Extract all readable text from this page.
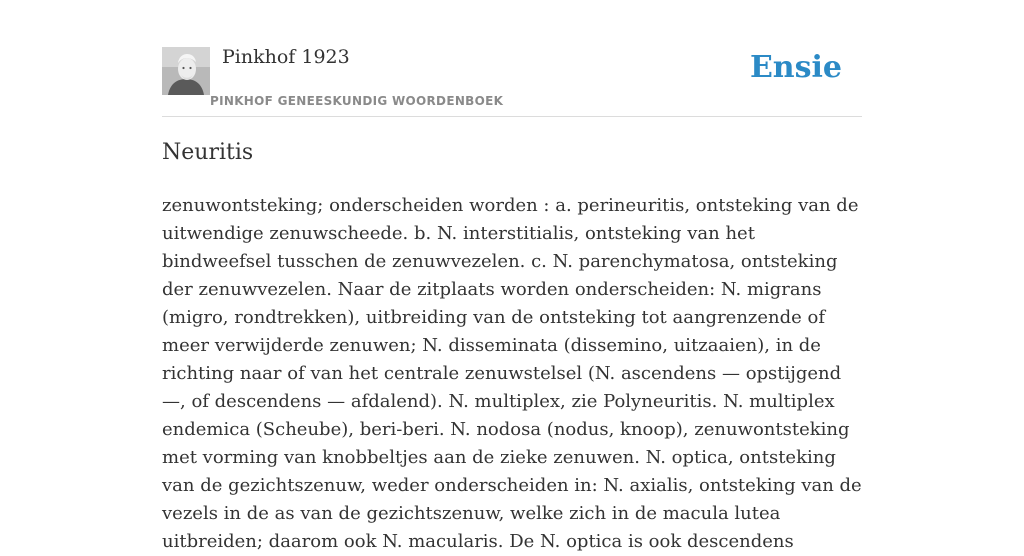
Pinkhof 1923
PINKHOF GENEESKUNDIG WOORDENBOEK
Ensie
Neuritis

zenuwontsteking; onderscheiden worden : a. perineuritis, ontsteking van de uitwendige zenuwscheede. b. N. interstitialis, ontsteking van het bindweefsel tusschen de zenuwvezelen. c. N. parenchymatosa, ontsteking der zenuwvezelen. Naar de zitplaats worden onderscheiden: N. migrans (migro, rondtrekken), uitbreiding van de ontsteking tot aangrenzende of meer verwijderde zenuwen; N. disseminata (dissemino, uitzaaien), in de richting naar of van het centrale zenuwstelsel (N. ascendens — opstijgend —, of descendens — afdalend). N. multiplex, zie Polyneuritis. N. multiplex endemica (Scheube), beri-beri. N. nodosa (nodus, knoop), zenuwontsteking met vorming van knobbeltjes aan de zieke zenuwen. N. optica, ontsteking van de gezichtszenuw, weder onderscheiden in: N. axialis, ontsteking van de vezels in de as van de gezichtszenuw, welke zich in de macula lutea uitbreiden; daarom ook N. macularis. De N. optica is ook descendens
